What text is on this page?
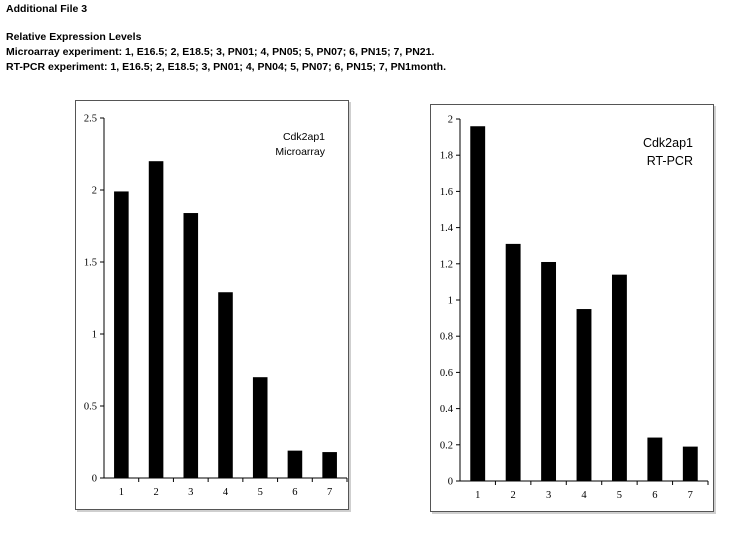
Additional File 3
Relative Expression Levels
Microarray experiment: 1, E16.5; 2, E18.5; 3, PN01; 4, PN05; 5, PN07; 6, PN15; 7, PN21.
RT-PCR experiment: 1, E16.5; 2, E18.5; 3, PN01; 4, PN04; 5, PN07; 6, PN15; 7, PN1month.
0
0.5
1
1.5
2
2.5
1	2	3	4	5	6	7
Cdk2ap1
Microarray
0
0.2
0.4
0.6
0.8
1
1.2
1.4
1.6
1.8
2
1	2	3	4	5	6	7
Cdk2ap1
RT-PCR
